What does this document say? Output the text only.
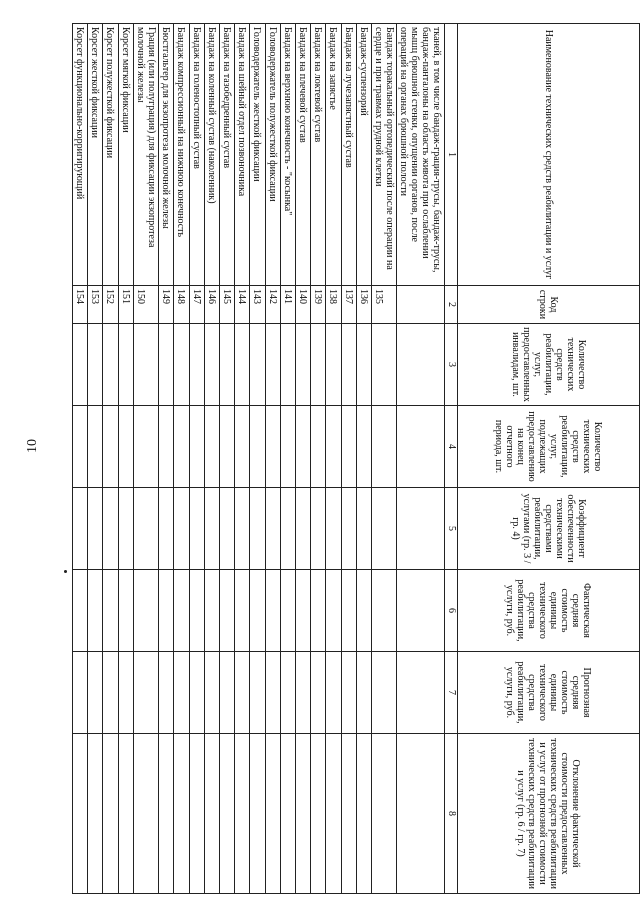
10
Наименование технических средств реабилитации и услуг	Код строки	Количество технических средств реабилитации, услуг, предоставленных инвалидам, шт.	Количество технических средств реабилитации, услуг, подлежащих предоставлению на конец отчетного периода, шт.	Коэффициент обеспеченности техническими средствами реабилитации, услугами (гр. 3 / гр. 4)	Фактическая средняя стоимость единицы технического средства реабилитации, услуги, руб.	Прогнозная средняя стоимость единицы технического средства реабилитации, услуги, руб.	Отклонение фактической стоимости предоставленных технических средств реабилитации и услуг от прогнозной стоимости технических средств реабилитации и услуг (гр. 6 / гр. 7)
1	2	3	4	5	6	7	8
тканей, в том числе бандаж-грация-трусы, бандаж-трусы, бандаж-панталоны на область живота при ослаблении мышц брюшной стенки, опущении органов, после операций на органах брюшной полости							
Бандаж торакальный ортопедический после операции на сердце и при травмах грудной клетки	135						
Бандаж-суспензорий	136						
Бандаж на лучезапястный сустав	137						
Бандаж на запястье	138						
Бандаж на локтевой сустав	139						
Бандаж на плечевой сустав	140						
Бандаж на верхнюю конечность - "косынка"	141						
Головодержатель полужесткой фиксации	142						
Головодержатель жесткой фиксации	143						
Бандаж на шейный отдел позвоночника	144						
Бандаж на тазобедренный сустав	145						
Бандаж на коленный сустав (наколенник)	146						
Бандаж на голеностопный сустав	147						
Бандаж компрессионный на нижнюю конечность	148						
Бюстгальтер для экзопротеза молочной железы	149						
Грация (или полуграция) для фиксации экзопротеза молочной железы	150						
Корсет мягкой фиксации	151						
Корсет полужесткой фиксации	152						
Корсет жесткой фиксации	153						
Корсет функционально-корригирующий	154						
